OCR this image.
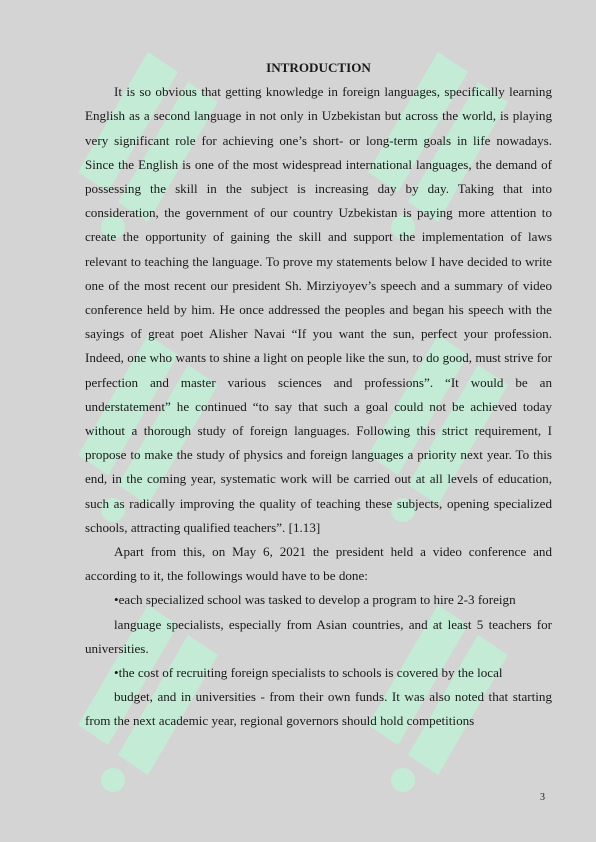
INTRODUCTION

It is so obvious that getting knowledge in foreign languages, specifically learning English as a second language in not only in Uzbekistan but across the world, is playing very significant role for achieving one’s short- or long-term goals in life nowadays. Since the English is one of the most widespread international languages, the demand of possessing the skill in the subject is increasing day by day. Taking that into consideration, the government of our country Uzbekistan is paying more attention to create the opportunity of gaining the skill and support the implementation of laws relevant to teaching the language. To prove my statements below I have decided to write one of the most recent our president Sh. Mirziyoyev’s speech and a summary of video conference held by him. He once addressed the peoples and began his speech with the sayings of great poet Alisher Navai “If you want the sun, perfect your profession. Indeed, one who wants to shine a light on people like the sun, to do good, must strive for perfection and master various sciences and professions”. “It would be an understatement” he continued “to say that such a goal could not be achieved today without a thorough study of foreign languages. Following this strict requirement, I propose to make the study of physics and foreign languages a priority next year. To this end, in the coming year, systematic work will be carried out at all levels of education, such as radically improving the quality of teaching these subjects, opening specialized schools, attracting qualified teachers”. [1.13]

Apart from this, on May 6, 2021 the president held a video conference and according to it, the followings would have to be done:

•each specialized school was tasked to develop a program to hire 2-3 foreign

language specialists, especially from Asian countries, and at least 5 teachers for universities.

•the cost of recruiting foreign specialists to schools is covered by the local

budget, and in universities - from their own funds. It was also noted that starting from the next academic year, regional governors should hold competitions

3
